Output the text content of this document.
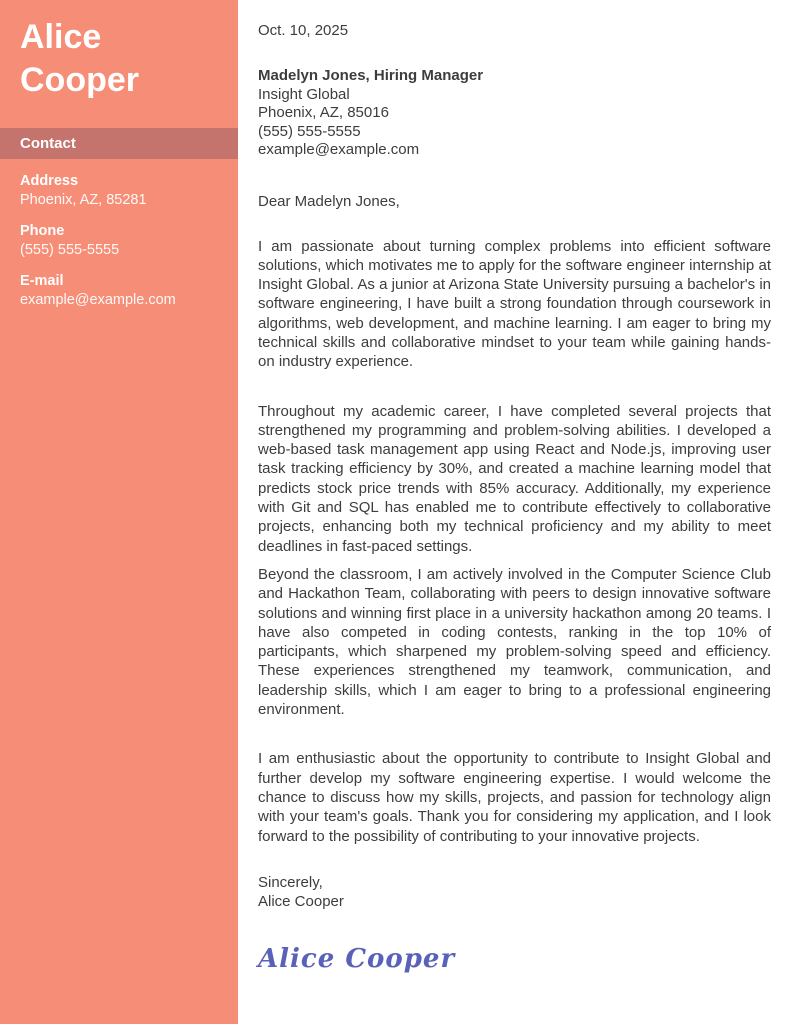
Alice
Cooper
Contact
Address
Phoenix, AZ, 85281
Phone
(555) 555-5555
E-mail
example@example.com

Oct. 10, 2025

Madelyn Jones, Hiring Manager

Insight Global

Phoenix, AZ, 85016

(555) 555-5555

example@example.com

Dear Madelyn Jones,

I am passionate about turning complex problems into efficient software solutions, which motivates me to apply for the software engineer internship at Insight Global. As a junior at Arizona State University pursuing a bachelor's in software engineering, I have built a strong foundation through coursework in algorithms, web development, and machine learning. I am eager to bring my technical skills and collaborative mindset to your team while gaining hands-on industry experience.

Throughout my academic career, I have completed several projects that strengthened my programming and problem-solving abilities. I developed a web-based task management app using React and Node.js, improving user task tracking efficiency by 30%, and created a machine learning model that predicts stock price trends with 85% accuracy. Additionally, my experience with Git and SQL has enabled me to contribute effectively to collaborative projects, enhancing both my technical proficiency and my ability to meet deadlines in fast-paced settings.

Beyond the classroom, I am actively involved in the Computer Science Club and Hackathon Team, collaborating with peers to design innovative software solutions and winning first place in a university hackathon among 20 teams. I have also competed in coding contests, ranking in the top 10% of participants, which sharpened my problem-solving speed and efficiency. These experiences strengthened my teamwork, communication, and leadership skills, which I am eager to bring to a professional engineering environment.

I am enthusiastic about the opportunity to contribute to Insight Global and further develop my software engineering expertise. I would welcome the chance to discuss how my skills, projects, and passion for technology align with your team's goals. Thank you for considering my application, and I look forward to the possibility of contributing to your innovative projects.

Sincerely,

Alice Cooper

Alice Cooper
